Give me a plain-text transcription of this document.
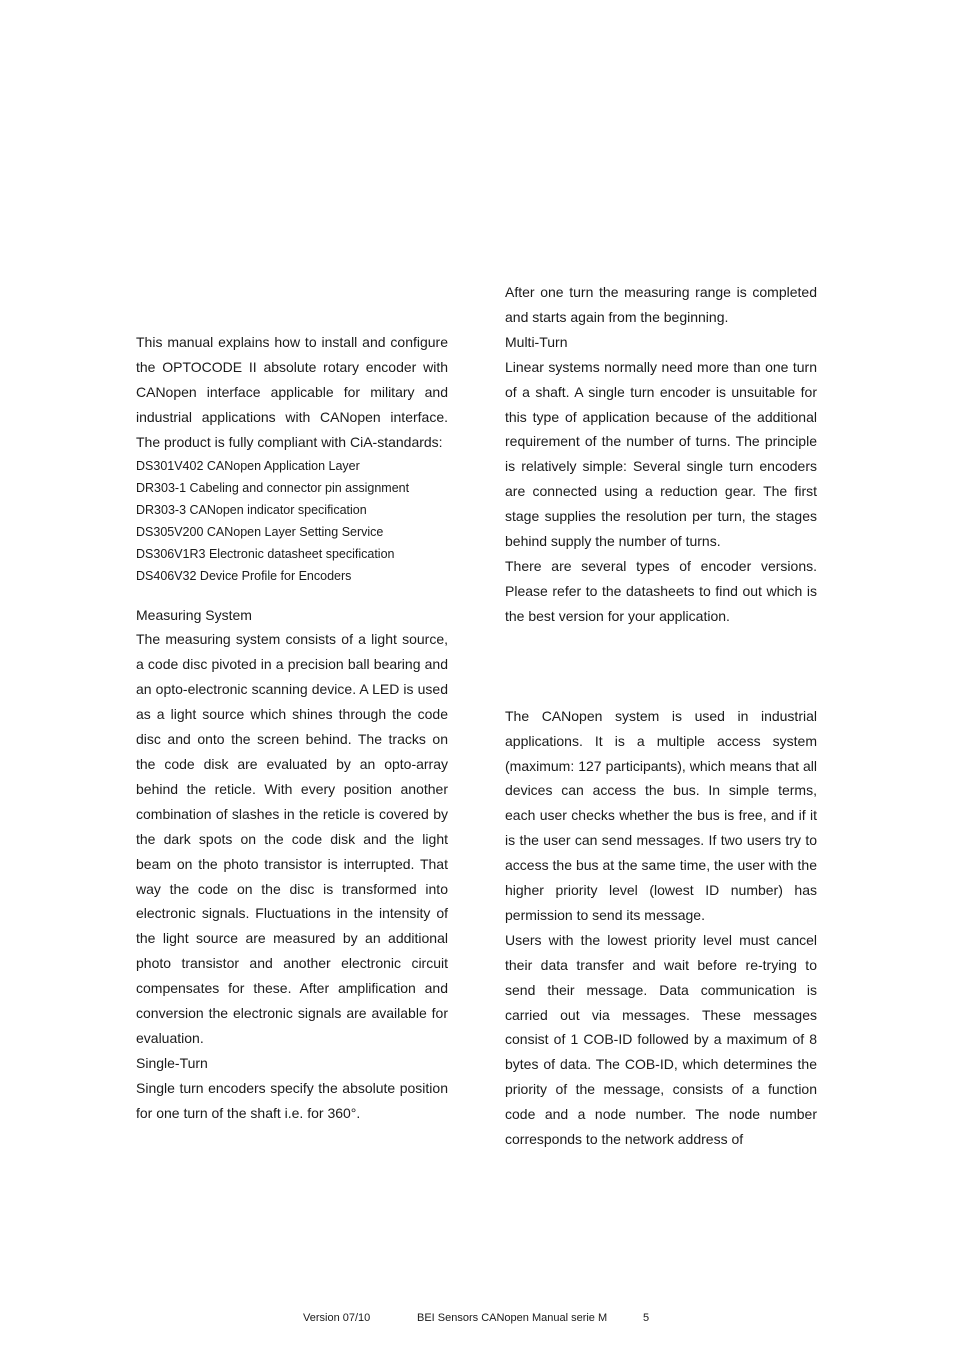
This manual explains how to install and configure the OPTOCODE II absolute rotary encoder with CANopen interface applicable for military and industrial applications with CANopen interface. The product is fully compliant with CiA-standards:

DS301V402 CANopen Application Layer
DR303-1 Cabeling and connector pin assignment
DR303-3 CANopen indicator specification
DS305V200 CANopen Layer Setting Service
DS306V1R3 Electronic datasheet specification
DS406V32 Device Profile for Encoders
Measuring System

The measuring system consists of a light source, a code disc pivoted in a precision ball bearing and an opto-electronic scanning device. A LED is used as a light source which shines through the code disc and onto the screen behind. The tracks on the code disk are evaluated by an opto-array behind the reticle. With every position another combination of slashes in the reticle is covered by the dark spots on the code disk and the light beam on the photo transistor is interrupted. That way the code on the disc is transformed into electronic signals. Fluctuations in the intensity of the light source are measured by an additional photo transistor and another electronic circuit compensates for these. After amplification and conversion the electronic signals are available for evaluation.

Single-Turn

Single turn encoders specify the absolute position for one turn of the shaft i.e. for 360°.

After one turn the measuring range is completed and starts again from the beginning.

Multi-Turn

Linear systems normally need more than one turn of a shaft. A single turn encoder is unsuitable for this type of application because of the additional requirement of the number of turns. The principle is relatively simple: Several single turn encoders are connected using a reduction gear. The first stage supplies the resolution per turn, the stages behind supply the number of turns.

There are several types of encoder versions. Please refer to the datasheets to find out which is the best version for your application.

The CANopen system is used in industrial applications. It is a multiple access system (maximum: 127 participants), which means that all devices can access the bus. In simple terms, each user checks whether the bus is free, and if it is the user can send messages. If two users try to access the bus at the same time, the user with the higher priority level (lowest ID number) has permission to send its message.

Users with the lowest priority level must cancel their data transfer and wait before re-trying to send their message. Data communication is carried out via messages. These messages consist of 1 COB-ID followed by a maximum of 8 bytes of data. The COB-ID, which determines the priority of the message, consists of a function code and a node number. The node number corresponds to the network address of

Version 07/10	BEI Sensors CANopen Manual serie M	5
